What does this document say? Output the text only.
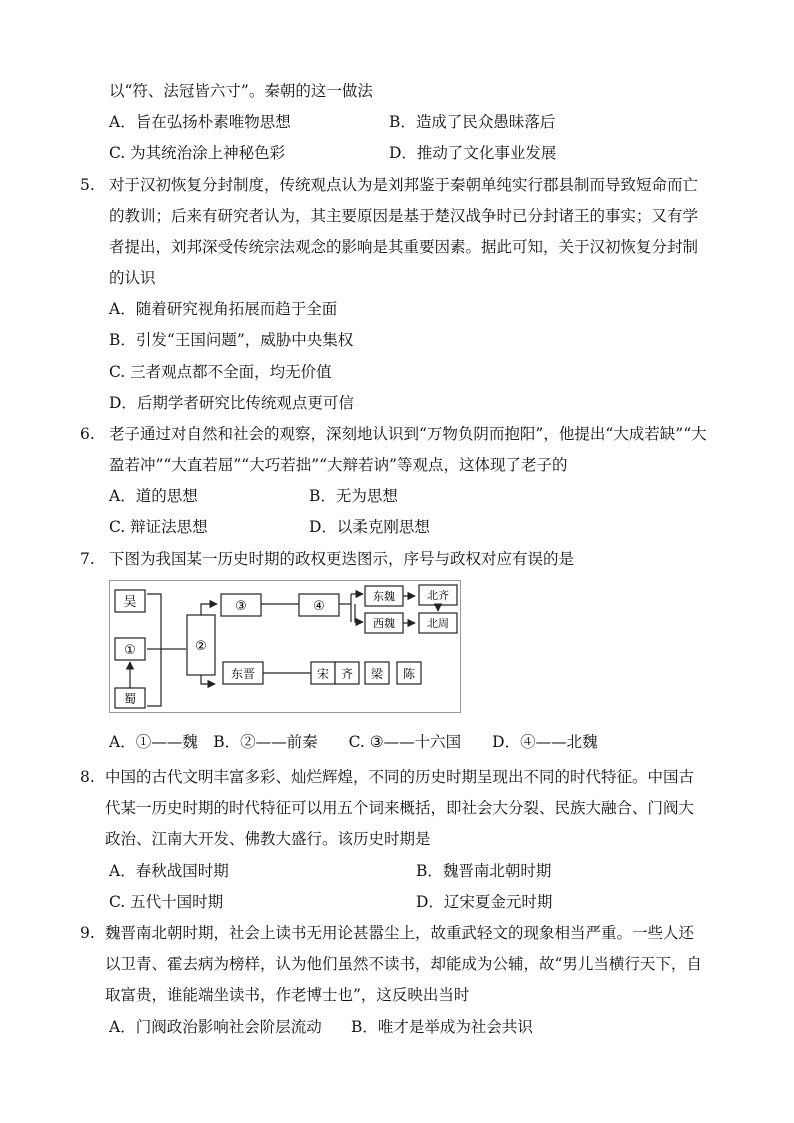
以“符、法冠皆六寸”。秦朝的这一做法
A．旨在弘扬朴素唯物思想	B．造成了民众愚昧落后
C. 为其统治涂上神秘色彩	D．推动了文化事业发展
5. 对于汉初恢复分封制度，传统观点认为是刘邦鉴于秦朝单纯实行郡县制而导致短命而亡
的教训；后来有研究者认为，其主要原因是基于楚汉战争时已分封诸王的事实；又有学
者提出，刘邦深受传统宗法观念的影响是其重要因素。据此可知，关于汉初恢复分封制
的认识
A．随着研究视角拓展而趋于全面
B．引发“王国问题”，威胁中央集权
C. 三者观点都不全面，均无价值
D．后期学者研究比传统观点更可信
6. 老子通过对自然和社会的观察，深刻地认识到“万物负阴而抱阳”，他提出“大成若缺”“大
盈若冲”“大直若屈”“大巧若拙”“大辩若讷”等观点，这体现了老子的
A．道的思想	B．无为思想
C. 辩证法思想	D．以柔克刚思想
7. 下图为我国某一历史时期的政权更迭图示，序号与政权对应有误的是
吴
①
蜀
②
③	④
东魏
西魏
北齐
北周
东晋	宋 齐 梁 陈
A．①——魏　B．②——前秦　　C. ③——十六国　　D．④——北魏
8. 中国的古代文明丰富多彩、灿烂辉煌，不同的历史时期呈现出不同的时代特征。中国古
代某一历史时期的时代特征可以用五个词来概括，即社会大分裂、民族大融合、门阀大
政治、江南大开发、佛教大盛行。该历史时期是
A．春秋战国时期	B．魏晋南北朝时期
C. 五代十国时期	D．辽宋夏金元时期
9. 魏晋南北朝时期，社会上读书无用论甚嚣尘上，故重武轻文的现象相当严重。一些人还
以卫青、霍去病为榜样，认为他们虽然不读书，却能成为公辅，故“男儿当横行天下，自
取富贵，谁能端坐读书，作老博士也”，这反映出当时
A．门阀政治影响社会阶层流动 B．唯才是举成为社会共识
